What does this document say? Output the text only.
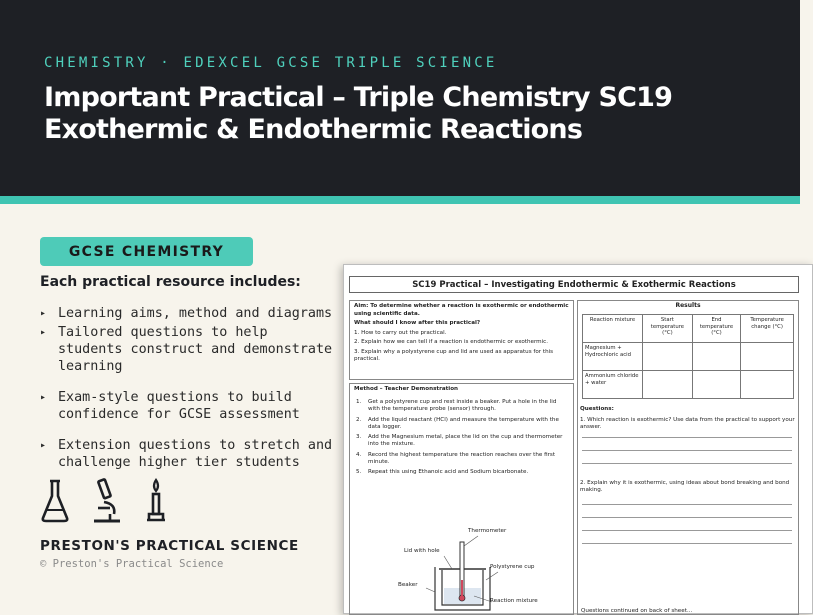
CHEMISTRY · EDEXCEL GCSE TRIPLE SCIENCE
Important Practical – Triple Chemistry SC19
Exothermic & Endothermic Reactions
GCSE CHEMISTRY
Each practical resource includes:
▸ Learning aims, method and diagrams
▸ Tailored questions to help students construct and demonstrate learning
▸ Exam-style questions to build confidence for GCSE assessment
▸ Extension questions to stretch and challenge higher tier students
PRESTON'S PRACTICAL SCIENCE
© Preston's Practical Science
SC19 Practical – Investigating Endothermic & Exothermic Reactions

Aim: To determine whether a reaction is exothermic or endothermic using scientific data.

What should I know after this practical?

1. How to carry out the practical.

2. Explain how we can tell if a reaction is endothermic or exothermic.

3. Explain why a polystyrene cup and lid are used as apparatus for this practical.

Method – Teacher Demonstration
1.	Get a polystyrene cup and rest inside a beaker. Put a hole in the lid with the temperature probe (sensor) through.
2.	Add the liquid reactant (HCl) and measure the temperature with the data logger.
3.	Add the Magnesium metal, place the lid on the cup and thermometer into the mixture.
4.	Record the highest temperature the reaction reaches over the first minute.
5.	Repeat this using Ethanoic acid and Sodium bicarbonate.
Thermometer
Lid with hole
Polystyrene cup
Beaker
Reaction mixture
Results
Reaction mixture	Start temperature (°C)	End temperature (°C)	Temperature change (°C)
Magnesium + Hydrochloric acid			
Ammonium chloride + water			
Questions:
1. Which reaction is exothermic? Use data from the practical to support your answer.
2. Explain why it is exothermic, using ideas about bond breaking and bond making.
Questions continued on back of sheet…
